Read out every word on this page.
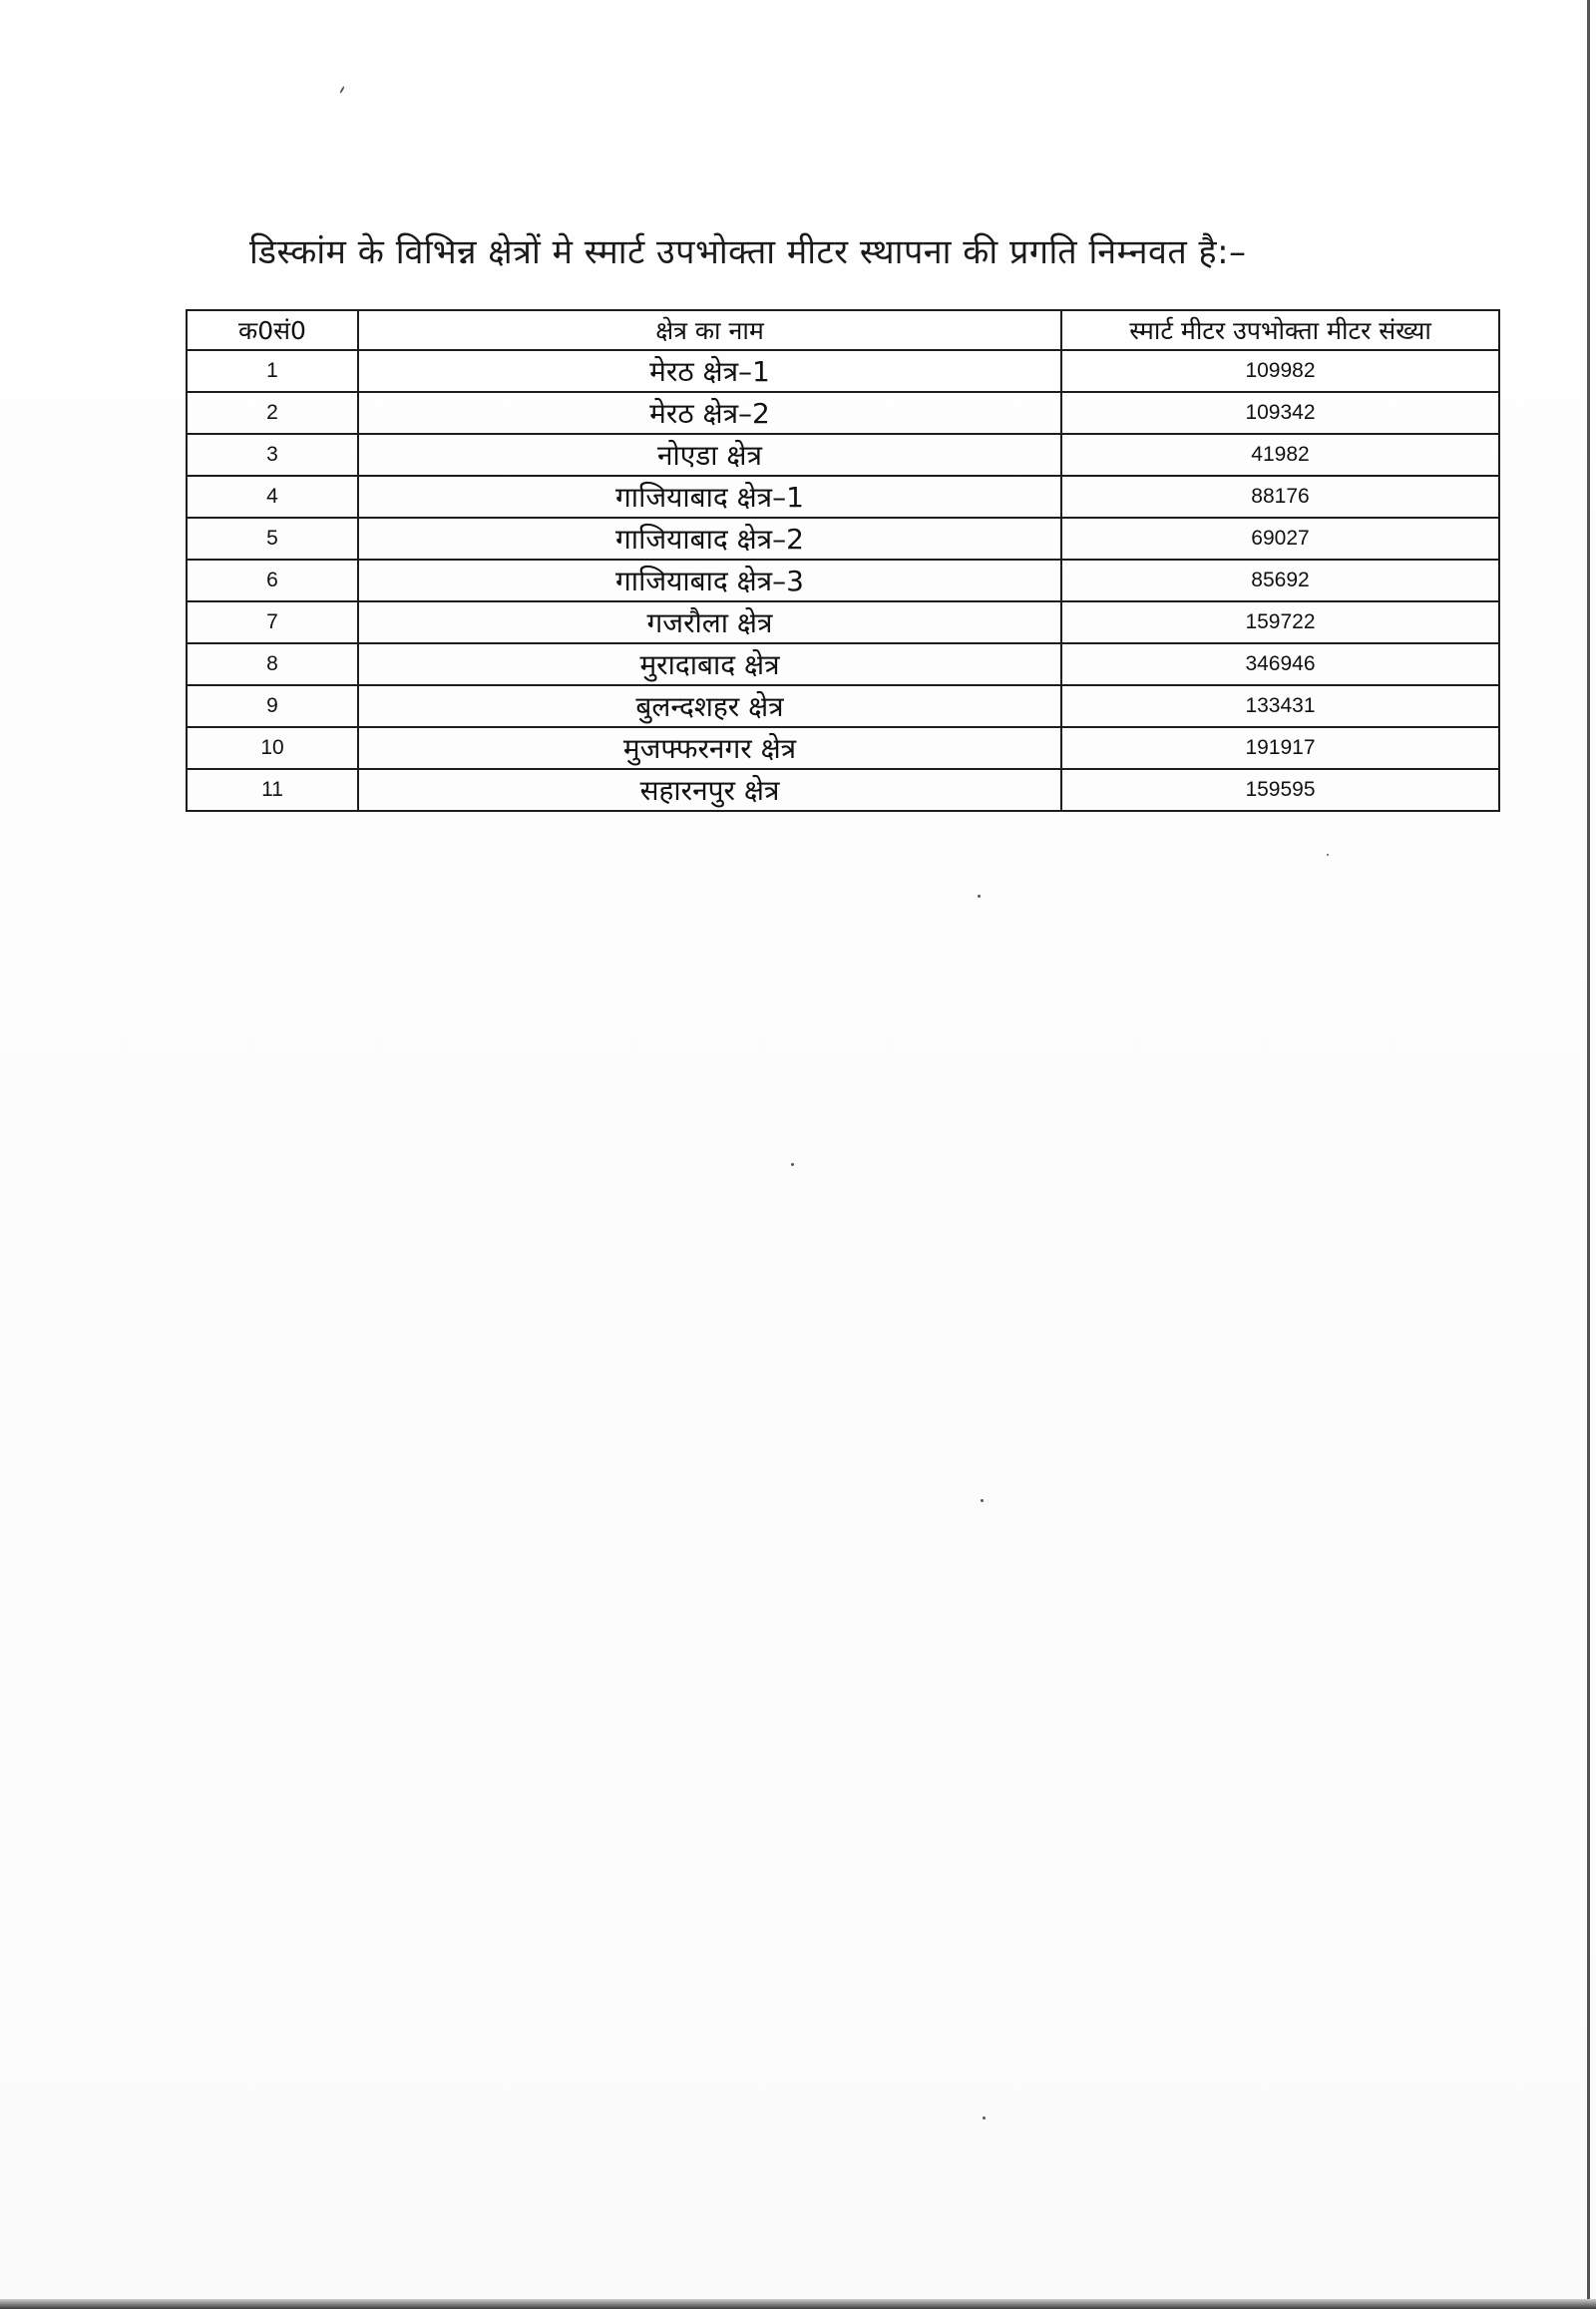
डिस्कांम के विभिन्न क्षेत्रों मे स्मार्ट उपभोक्ता मीटर स्थापना की प्रगति निम्नवत है:–
क0सं0	क्षेत्र का नाम	स्मार्ट मीटर उपभोक्ता मीटर संख्या
1	मेरठ क्षेत्र–1	109982
2	मेरठ क्षेत्र–2	109342
3	नोएडा क्षेत्र	41982
4	गाजियाबाद क्षेत्र–1	88176
5	गाजियाबाद क्षेत्र–2	69027
6	गाजियाबाद क्षेत्र–3	85692
7	गजरौला क्षेत्र	159722
8	मुरादाबाद क्षेत्र	346946
9	बुलन्दशहर क्षेत्र	133431
10	मुजफ्फरनगर क्षेत्र	191917
11	सहारनपुर क्षेत्र	159595
